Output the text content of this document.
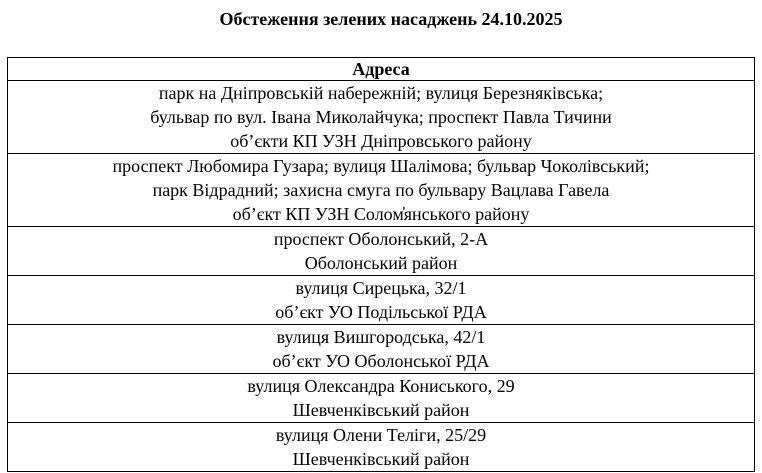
Обстеження зелених насаджень 24.10.2025
Адреса

парк на Дніпровській набережній; вулиця Березняківська;
бульвар по вул. Івана Миколайчука; проспект Павла Тичини
об’єкти КП УЗН Дніпровського району

проспект Любомира Гузара; вулиця Шалімова; бульвар Чоколівський;
парк Відрадний; захисна смуга по бульвару Вацлава Гавела
об’єкт КП УЗН Солом̓янського району

проспект Оболонський, 2-А
Оболонський район

вулиця Сирецька, 32/1
об’єкт УО Подільської РДА

вулиця Вишгородська, 42/1
об’єкт УО Оболонської РДА

вулиця Олександра Кониського, 29
Шевченківський район

вулиця Олени Теліги, 25/29
Шевченківський район
